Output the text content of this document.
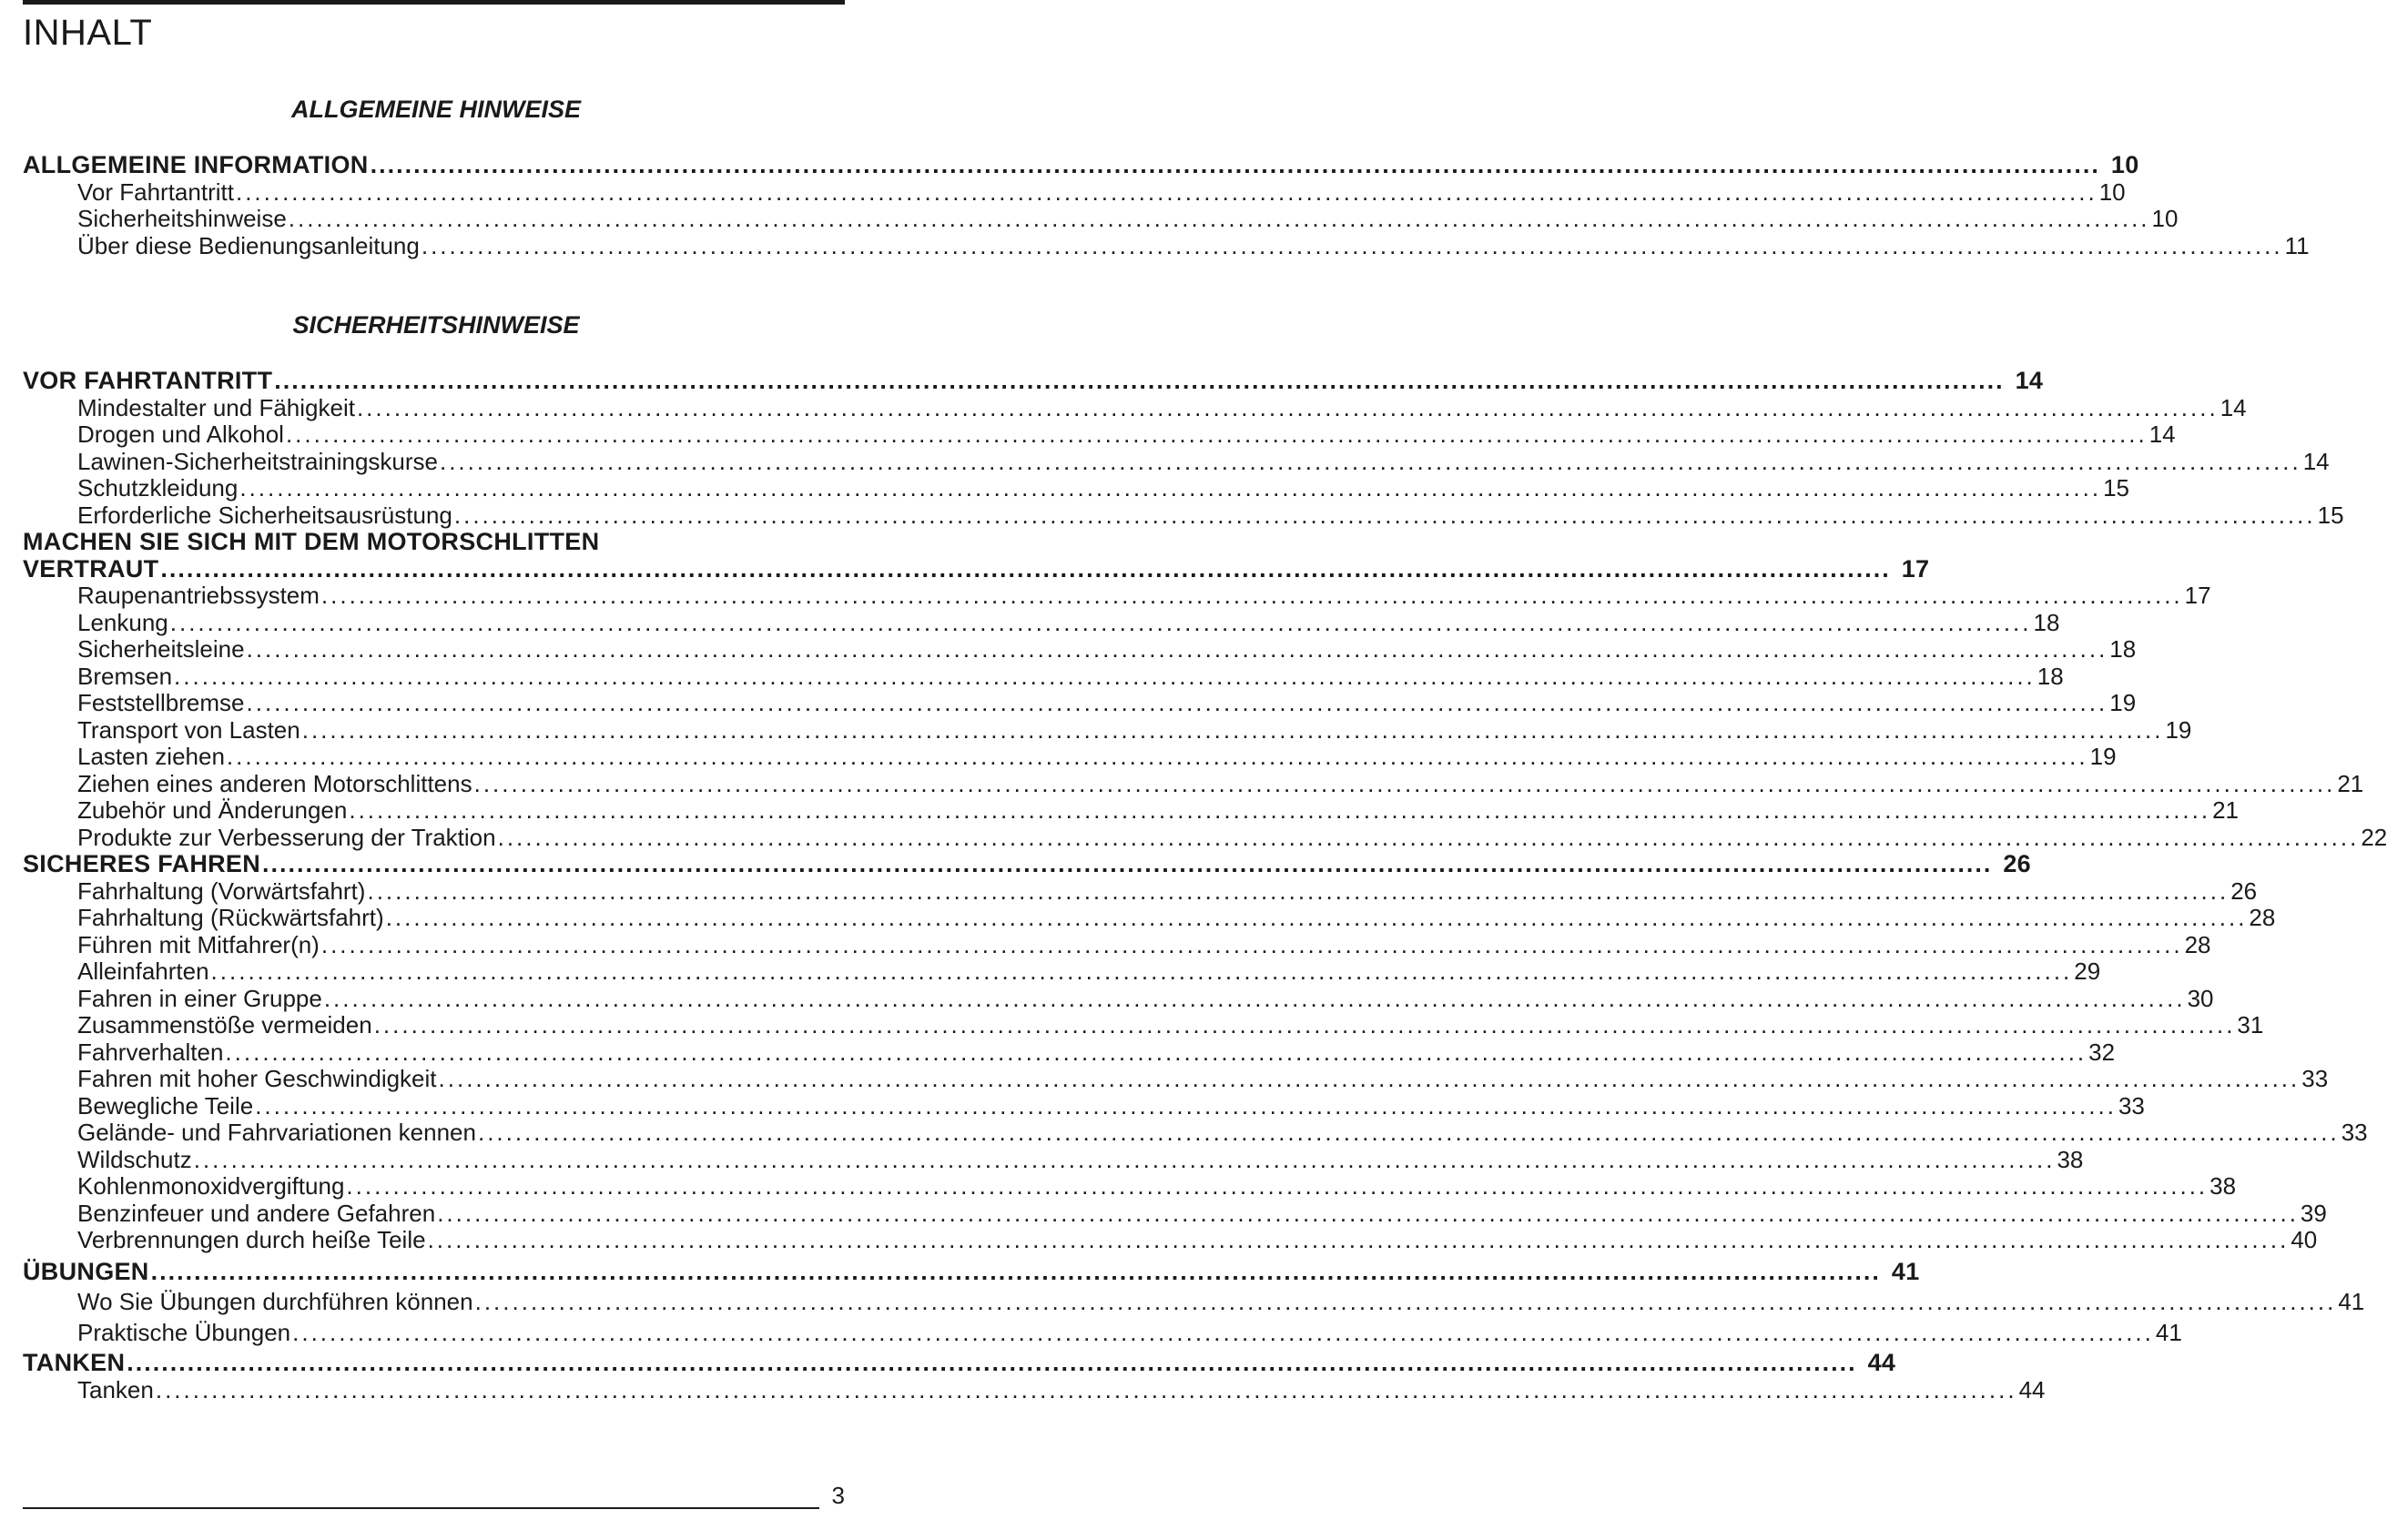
INHALT
ALLGEMEINE HINWEISE
ALLGEMEINE INFORMATION ........................................................................................................................................................................................................ 10
Vor Fahrtantritt ........................................................................................................................................................................................................ 10
Sicherheitshinweise ........................................................................................................................................................................................................ 10
Über diese Bedienungsanleitung ........................................................................................................................................................................................................ 11
SICHERHEITSHINWEISE
VOR FAHRTANTRITT ........................................................................................................................................................................................................ 14
Mindestalter und Fähigkeit ........................................................................................................................................................................................................ 14
Drogen und Alkohol ........................................................................................................................................................................................................ 14
Lawinen-Sicherheitstrainingskurse ........................................................................................................................................................................................................ 14
Schutzkleidung ........................................................................................................................................................................................................ 15
Erforderliche Sicherheitsausrüstung ........................................................................................................................................................................................................ 15
MACHEN SIE SICH MIT DEM MOTORSCHLITTEN
VERTRAUT ........................................................................................................................................................................................................ 17
Raupenantriebssystem ........................................................................................................................................................................................................ 17
Lenkung ........................................................................................................................................................................................................ 18
Sicherheitsleine ........................................................................................................................................................................................................ 18
Bremsen ........................................................................................................................................................................................................ 18
Feststellbremse ........................................................................................................................................................................................................ 19
Transport von Lasten ........................................................................................................................................................................................................ 19
Lasten ziehen ........................................................................................................................................................................................................ 19
Ziehen eines anderen Motorschlittens ........................................................................................................................................................................................................ 21
Zubehör und Änderungen ........................................................................................................................................................................................................ 21
Produkte zur Verbesserung der Traktion ........................................................................................................................................................................................................ 22
SICHERES FAHREN ........................................................................................................................................................................................................ 26
Fahrhaltung (Vorwärtsfahrt) ........................................................................................................................................................................................................ 26
Fahrhaltung (Rückwärtsfahrt) ........................................................................................................................................................................................................ 28
Führen mit Mitfahrer(n) ........................................................................................................................................................................................................ 28
Alleinfahrten ........................................................................................................................................................................................................ 29
Fahren in einer Gruppe ........................................................................................................................................................................................................ 30
Zusammenstöße vermeiden ........................................................................................................................................................................................................ 31
Fahrverhalten ........................................................................................................................................................................................................ 32
Fahren mit hoher Geschwindigkeit ........................................................................................................................................................................................................ 33
Bewegliche Teile ........................................................................................................................................................................................................ 33
Gelände- und Fahrvariationen kennen ........................................................................................................................................................................................................ 33
Wildschutz ........................................................................................................................................................................................................ 38
Kohlenmonoxidvergiftung ........................................................................................................................................................................................................ 38
Benzinfeuer und andere Gefahren ........................................................................................................................................................................................................ 39
Verbrennungen durch heiße Teile ........................................................................................................................................................................................................ 40
ÜBUNGEN ........................................................................................................................................................................................................ 41
Wo Sie Übungen durchführen können ........................................................................................................................................................................................................ 41
Praktische Übungen ........................................................................................................................................................................................................ 41
TANKEN ........................................................................................................................................................................................................ 44
Tanken ........................................................................................................................................................................................................ 44
3
